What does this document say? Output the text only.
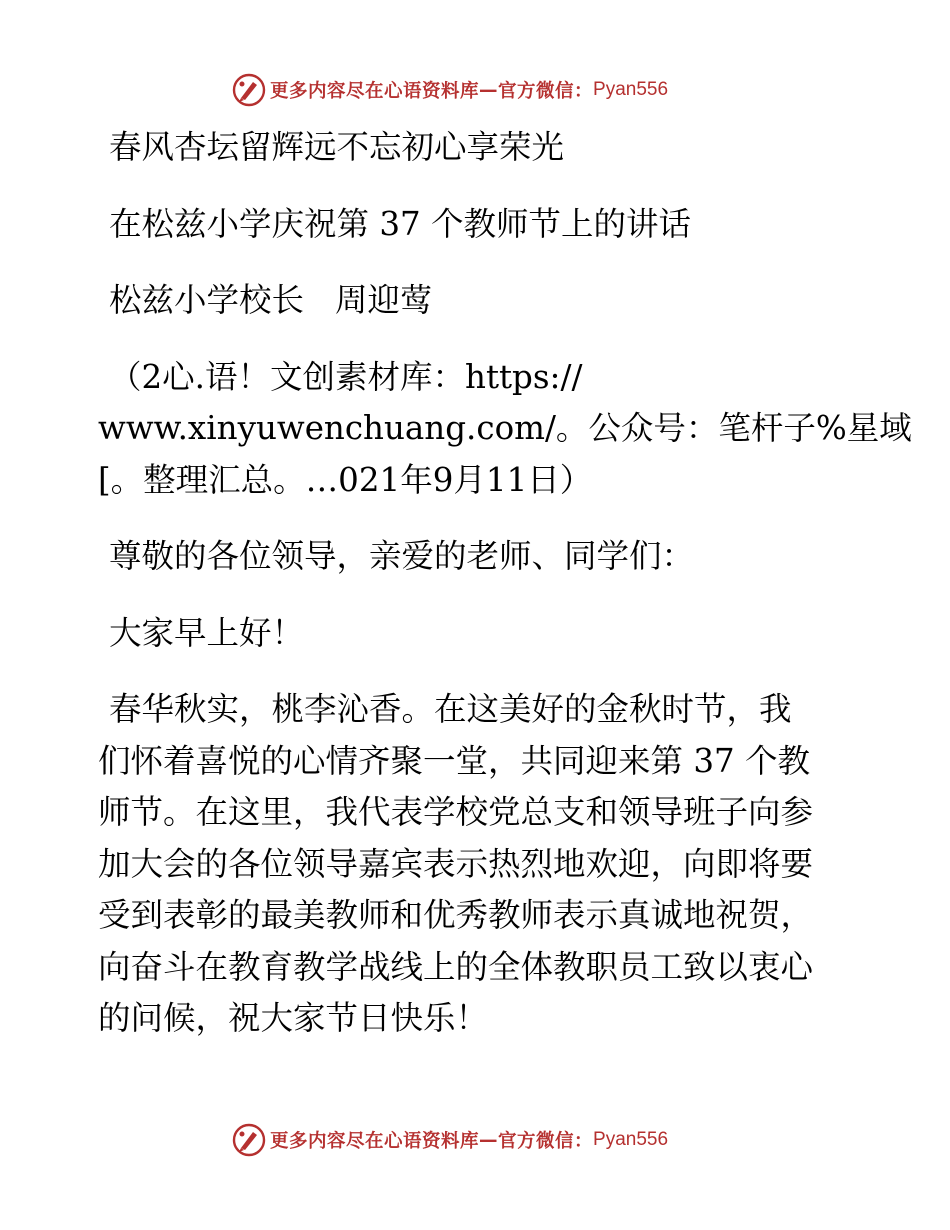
更多内容尽在心语资料库 — 官方微信： Pyan556

春风杏坛留辉远不忘初心享荣光

在松兹小学庆祝第 37 个教师节上的讲话

松兹小学校长   周迎莺

（2心.语！文创素材库：https://
www.xinyuwenchuang.com/。公众号：笔杆子%星域
[。整理汇总。…021年9月11日）

尊敬的各位领导，亲爱的老师、同学们：

大家早上好！

春华秋实，桃李沁香。在这美好的金秋时节，我
们怀着喜悦的心情齐聚一堂，共同迎来第 37 个教
师节。在这里，我代表学校党总支和领导班子向参
加大会的各位领导嘉宾表示热烈地欢迎，向即将要
受到表彰的最美教师和优秀教师表示真诚地祝贺，
向奋斗在教育教学战线上的全体教职员工致以衷心
的问候，祝大家节日快乐！

更多内容尽在心语资料库 — 官方微信： Pyan556
